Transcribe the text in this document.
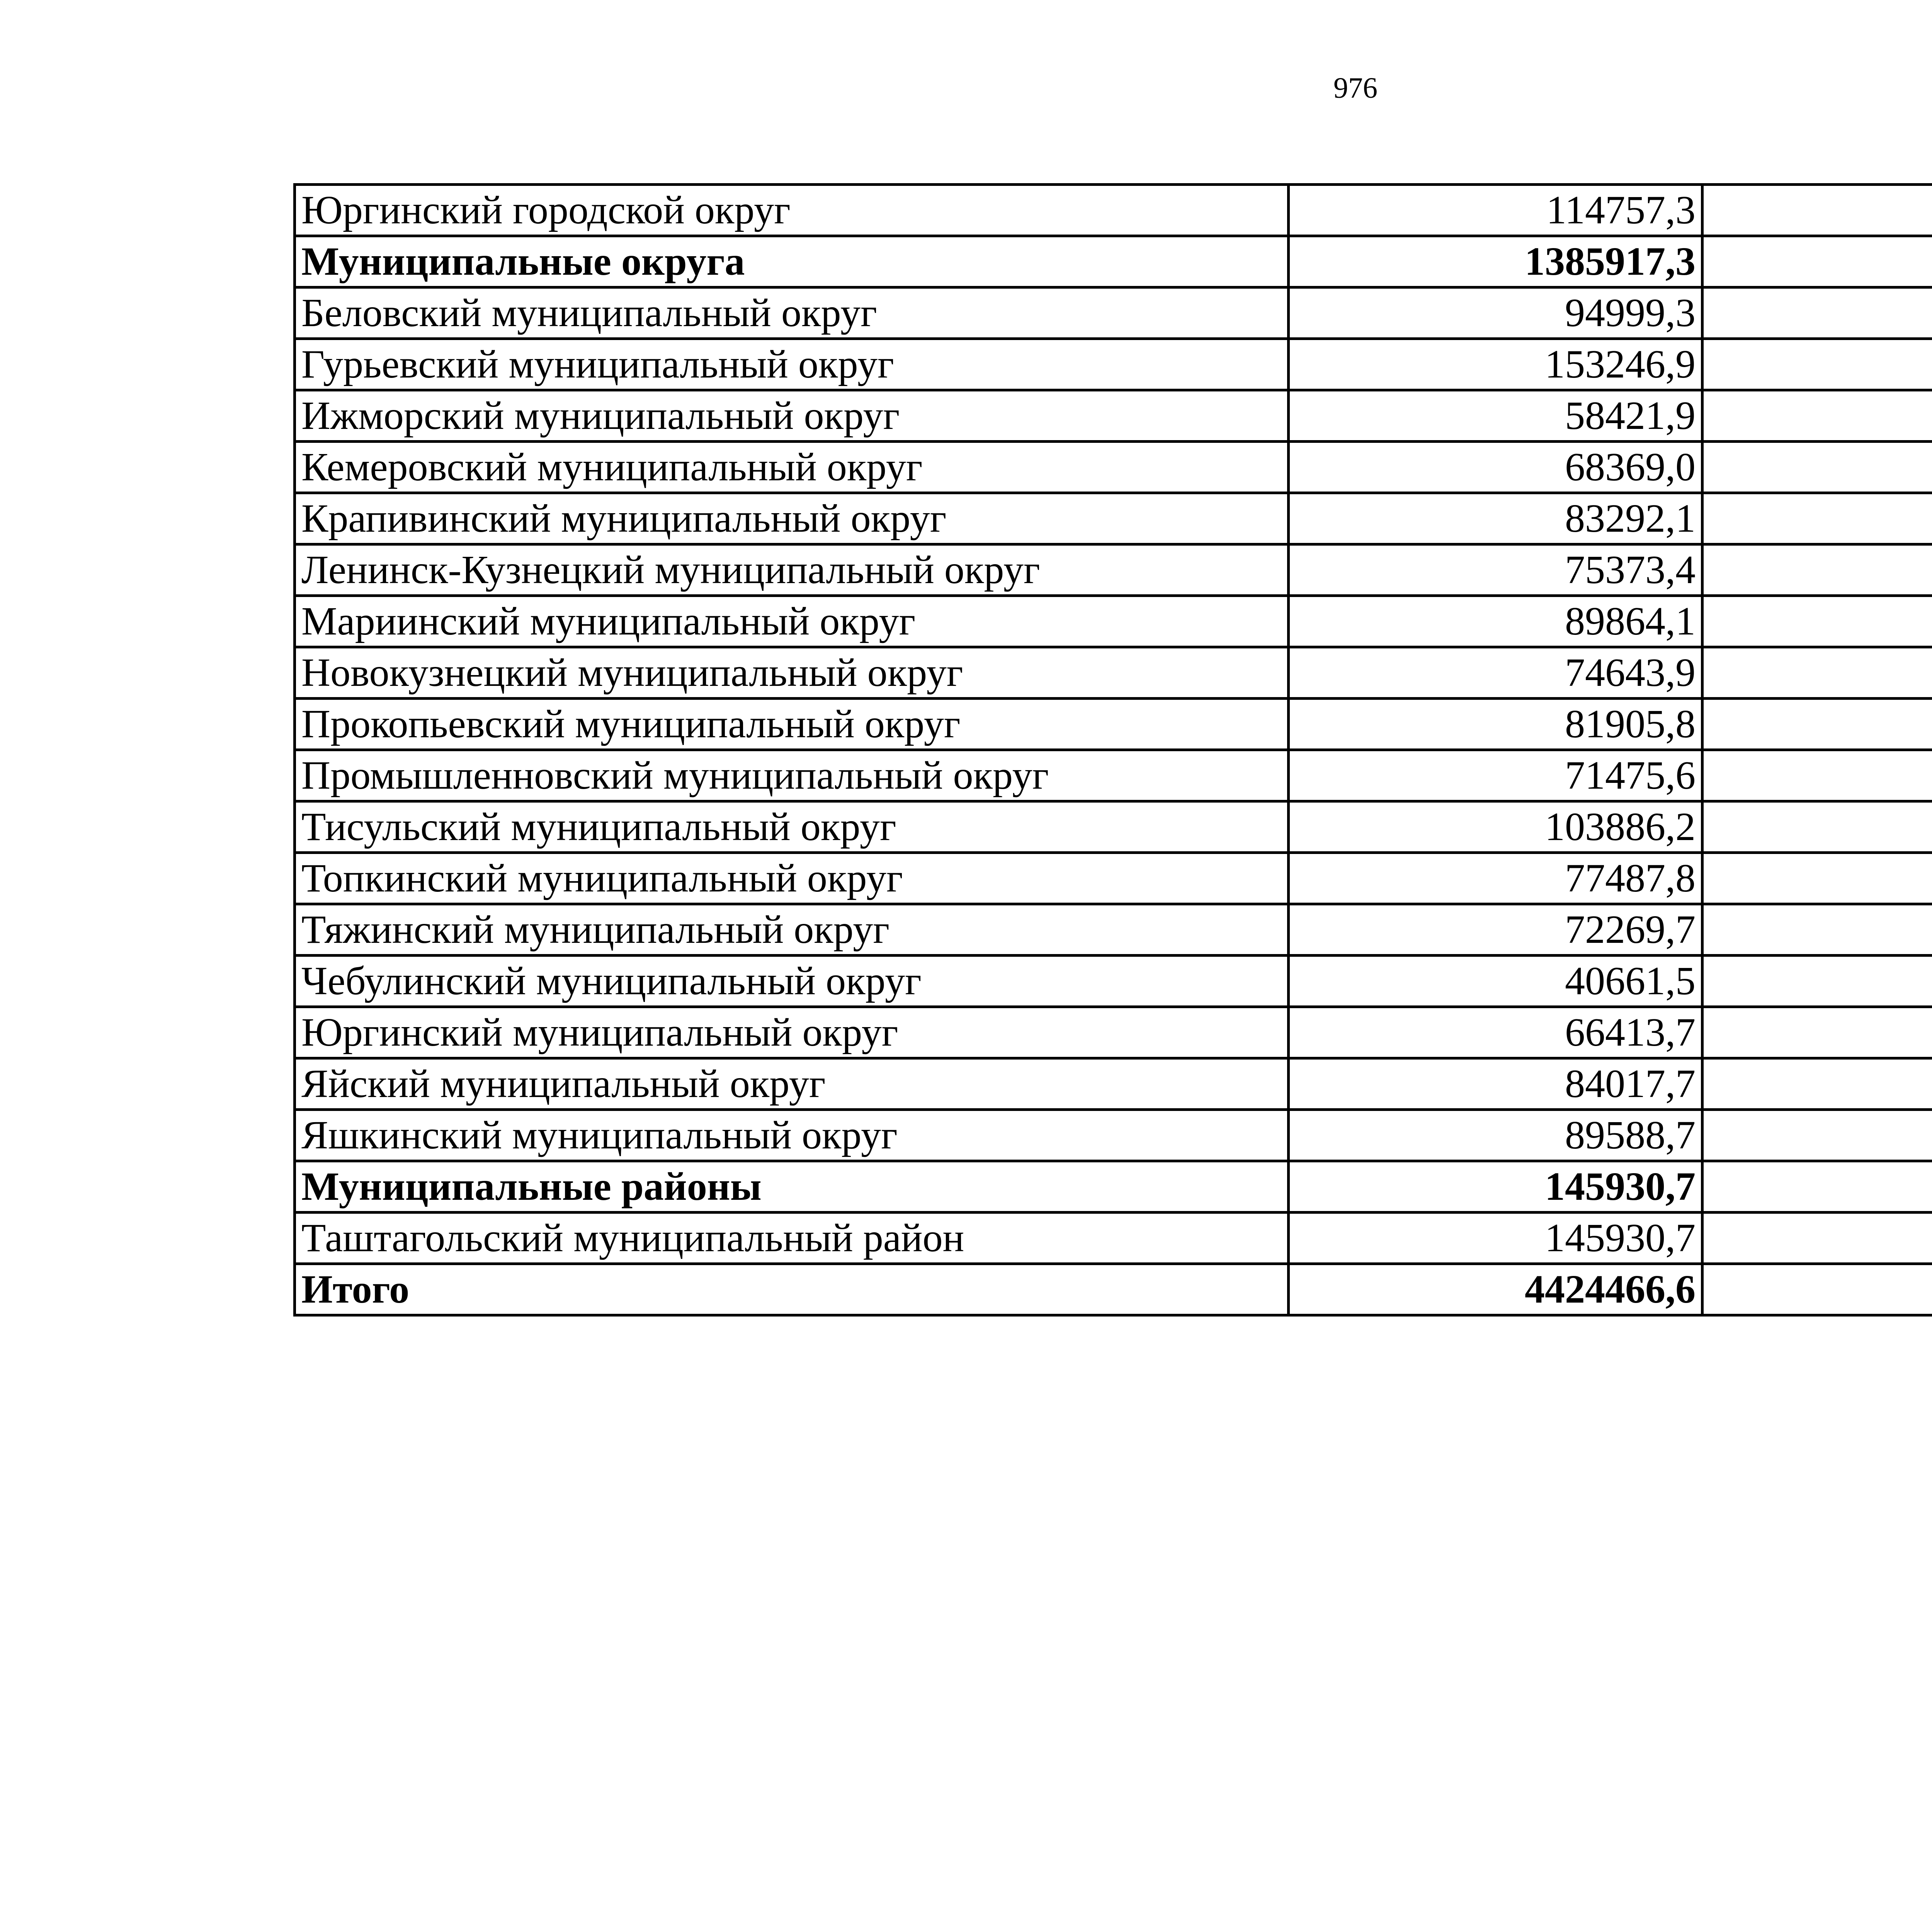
976
Юргинский городской округ	114757,3		
Муниципальные округа	1385917,3		
Беловский муниципальный округ	94999,3		
Гурьевский муниципальный округ	153246,9		
Ижморский муниципальный округ	58421,9		
Кемеровский муниципальный округ	68369,0		
Крапивинский муниципальный округ	83292,1		
Ленинск-Кузнецкий муниципальный округ	75373,4		
Мариинский муниципальный округ	89864,1		
Новокузнецкий муниципальный округ	74643,9		
Прокопьевский муниципальный округ	81905,8		
Промышленновский муниципальный округ	71475,6		
Тисульский муниципальный округ	103886,2		
Топкинский муниципальный округ	77487,8		
Тяжинский муниципальный округ	72269,7		
Чебулинский муниципальный округ	40661,5		
Юргинский муниципальный округ	66413,7		
Яйский муниципальный округ	84017,7		
Яшкинский муниципальный округ	89588,7		
Муниципальные районы	145930,7		
Таштагольский муниципальный район	145930,7		
Итого	4424466,6		
